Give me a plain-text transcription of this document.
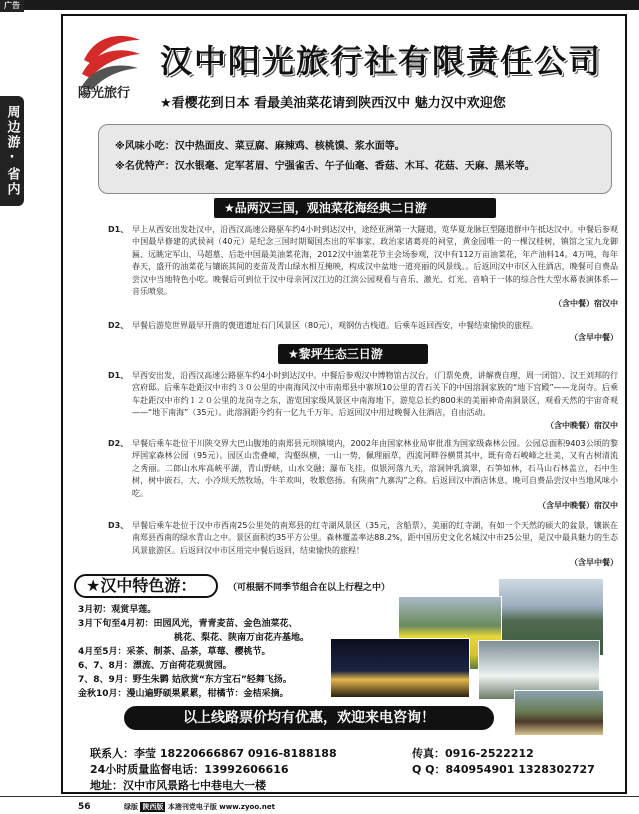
广告
周边游·省内
陽光旅行
汉中阳光旅行社有限责任公司
★看樱花到日本 看最美油菜花请到陕西汉中 魅力汉中欢迎您
※风味小吃：汉中热面皮、菜豆腐、麻辣鸡、核桃馍、浆水面等。
※名优特产：汉水银毫、定军茗眉、宁强雀舌、午子仙毫、香菇、木耳、花菇、天麻、黑米等。
★品两汉三国，观油菜花海经典二日游
D1、 早上从西安出发赴汉中，沿西汉高速公路驱车约4小时到达汉中，途经亚洲第一大隧道，览华夏龙脉巨型隧道群中午抵达汉中。中餐后参观中国最早修建的武侯祠（40元）是纪念三国时期蜀国杰出的军事家、政治家诸葛亮的祠堂，黄金园唯一的一棵汉桂树，镇馆之宝九龙御匾、远眺定军山、马超墓、后赴中国最美油菜花海，2012汉中油菜花节主会场参观，汉中有112万亩油菜花，年产油料14。4万吨，每年春天，盛开的油菜花与镶嵌其间的麦苗及青山绿水相互掩映，构成汉中盆地一道亮丽的风景线。。后返回汉中市区入住酒店，晚餐可自费品尝汉中当地特色小吃。晚餐后可到位于汉中母亲河汉江边的江滨公园观看与音乐、激光、灯光、音响于一体的综合性大型水幕表演体系—音乐喷泉。
（含中餐）宿汉中
D2、 早餐后游览世界最早开凿的褒道遗址石门风景区（80元），观钢仿古栈道。后乘车返回西安，中餐结束愉快的旅程。
（含早中餐）
★黎坪生态三日游
D1、 早西安出发，沿西汉高速公路驱车约4小时到达汉中。中餐后参观汉中博物馆古汉台，（门票免费，讲解费自理，周一闭馆）、汉王刘邦的行宫府邸。后乘车赴距汉中市约３０公里的中南海风汉中市南郑县中寨坝10公里的青石关下的中国溶洞家族的“地下宫殿”——龙岗寺。后乘车赴距汉中市约１２０公里的龙岗寺之东，游览国家级风景区中南海地下，游览总长约800米的美丽神奇南洞景区，观看天然的宇宙奇观——“地下南海”（35元）。此溶洞距今约有一亿九千万年。后返回汉中用过晚餐入住酒店，自由活动。
（含中晚餐）宿汉中
D2、 早餐后乘车赴位于川陕交界大巴山腹地的南郑县元坝镇境内，2002年由国家林业局审批准为国家级森林公园。公园总面积9403公顷的黎坪国家森林公园（95元）。园区山峦叠嶂，沟壑纵横，一山一势，佩理丽草，西流河畔谷横贯其中，既有奇石峻峰之壮美，又有古树清流之秀丽。二郎山水库高峡平湖，青山野峡，山水交融；瀑布飞挂，似银河落九天，溶洞钟乳滴翠，石笋如林，石马山石林盖立，石中生树，树中嵌石，大、小冷坝天然牧场，牛羊欢叫，牧歌悠扬。有陕南“九寨沟”之称。后返回汉中酒店休息，晚可自费品尝汉中当地风味小吃。
（含早中晚餐）宿汉中
D3、 早餐后乘车赴位于汉中市西南25公里处的南郑县的红寺湖风景区（35元，含船票），美丽的红寺湖，有如一个天然的硕大的盆景，镶嵌在南郑县西南的绿水青山之中。景区面积约35平方公里。森林覆盖率达88.2%，距中国历史文化名城汉中市25公里，是汉中最具魅力的生态风景旅游区。后返回汉中市区用完中餐后返回，结束愉快的旅程！
（含早中餐）
★汉中特色游：	（可根据不同季节组合在以上行程之中）
3月初：观赏早莲。
3月下旬至4月初：田园风光，青青麦苗、金色油菜花、
桃花、梨花、陕南万亩花卉基地。
4月至5月：采茶、制茶、品茶，草莓、樱桃节。
6、7、8月：漂流、万亩荷花观赏园。
7、8、9月：野生朱鹮 姑欣赏“东方宝石”轻舞飞扬。
金秋10月：漫山遍野硕果累累，柑橘节：金桔采摘。
以上线路票价均有优惠，欢迎来电咨询！
联系人：李莹 18220666867 0916-8188188	传真：0916-2522212
24小时质量监督电话：13992606616	Q Q：840954901 1328302727
地址：汉中市风景路七中巷电大一楼
56	绿版 陕西版 本港刊党电子版 www.zyoo.net
